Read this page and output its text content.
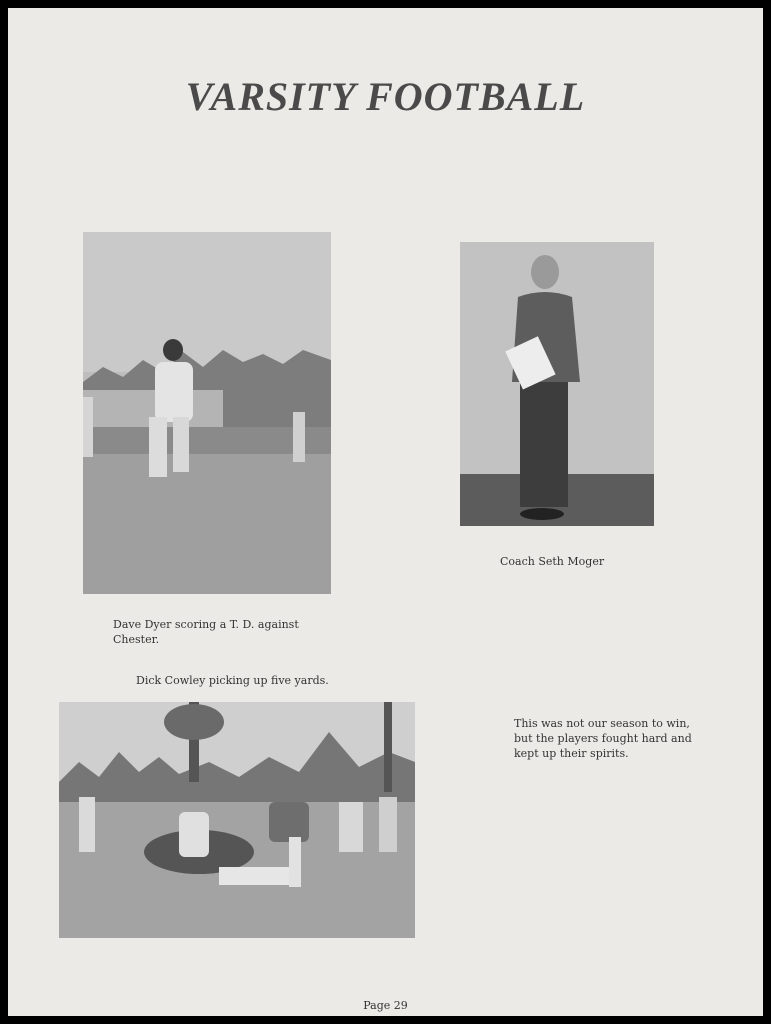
VARSITY FOOTBALL
Dave Dyer scoring a T. D. against
Chester.
Coach Seth Moger
Dick Cowley picking up five yards.
This was not our season to win,
but the players fought hard and
kept up their spirits.
Page 29
